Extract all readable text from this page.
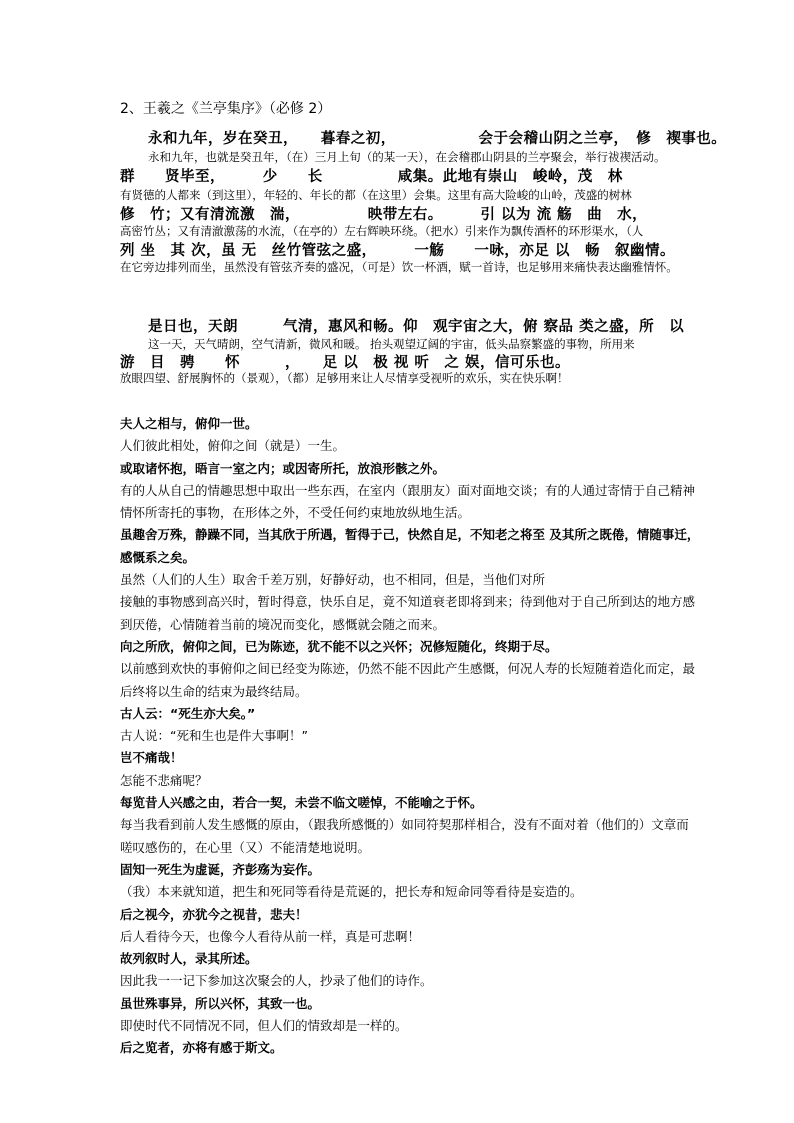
2、王羲之《兰亭集序》（必修 2）
永和九年，岁在癸丑，　　暮春之初，　　　　　　会于会稽山阴之兰亭，　修　禊事也。
永和九年，也就是癸丑年，（在）三月上旬（的某一天），在会稽郡山阴县的兰亭聚会，举行祓禊活动。
群　　贤毕至，　　　少　　长　　　　　咸集。此地有崇山　峻岭，茂　林
有贤德的人都来（到这里），年轻的、年长的都（在这里）会集。这里有高大险峻的山岭，茂盛的树林
修　竹；又有清流激　湍，　　　　　映带左右。　　　引 以为 流 觞　曲　水，
高密竹丛；又有清澈激荡的水流，（在亭的）左右辉映环绕。（把水）引来作为飘传酒杯的环形渠水，（人
列 坐　其 次，虽 无　丝竹管弦之盛，　　　一觞　　一咏，亦足 以　畅　叙幽情。
在它旁边排列而坐，虽然没有管弦齐奏的盛况，（可是）饮一杯酒，赋一首诗，也足够用来痛快表达幽雅情怀。
是日也，天朗　　　气清，惠风和畅。仰　观宇宙之大，俯 察品 类之盛，所　以
这一天，天气晴朗，空气清新，微风和暖。 抬头观望辽阔的宇宙，低头品察繁盛的事物，所用来
游　目　骋　　怀　　　，　　足 以　极 视 听　之 娱，信可乐也。
放眼四望、舒展胸怀的（景观），（都）足够用来让人尽情享受视听的欢乐，实在快乐啊！
夫人之相与，俯仰一世。
人们彼此相处，俯仰之间（就是）一生。
或取诸怀抱，晤言一室之内；或因寄所托，放浪形骸之外。
有的人从自己的情趣思想中取出一些东西，在室内（跟朋友）面对面地交谈；有的人通过寄情于自己精神
情怀所寄托的事物，在形体之外，不受任何约束地放纵地生活。
虽趣舍万殊，静躁不同，当其欣于所遇，暂得于己，快然自足，不知老之将至 及其所之既倦，情随事迁，
感慨系之矣。
虽然（人们的人生）取舍千差万别，好静好动，也不相同，但是，当他们对所
接触的事物感到高兴时，暂时得意，快乐自足，竟不知道衰老即将到来；待到他对于自己所到达的地方感
到厌倦，心情随着当前的境况而变化，感慨就会随之而来。
向之所欣，俯仰之间，已为陈迹，犹不能不以之兴怀；况修短随化，终期于尽。
以前感到欢快的事俯仰之间已经变为陈迹，仍然不能不因此产生感慨，何况人寿的长短随着造化而定，最
后终将以生命的结束为最终结局。
古人云：“死生亦大矣。”
古人说：“死和生也是件大事啊！”
岂不痛哉！
怎能不悲痛呢？
每览昔人兴感之由，若合一契，未尝不临文嗟悼，不能喻之于怀。
每当我看到前人发生感慨的原由，（跟我所感慨的）如同符契那样相合，没有不面对着（他们的）文章而
嗟叹感伤的，在心里（又）不能清楚地说明。
固知一死生为虚诞，齐彭殇为妄作。
（我）本来就知道，把生和死同等看待是荒诞的，把长寿和短命同等看待是妄造的。
后之视今，亦犹今之视昔，悲夫！
后人看待今天，也像今人看待从前一样，真是可悲啊！
故列叙时人，录其所述。
因此我一一记下参加这次聚会的人，抄录了他们的诗作。
虽世殊事异，所以兴怀，其致一也。
即使时代不同情况不同，但人们的情致却是一样的。
后之览者，亦将有感于斯文。
